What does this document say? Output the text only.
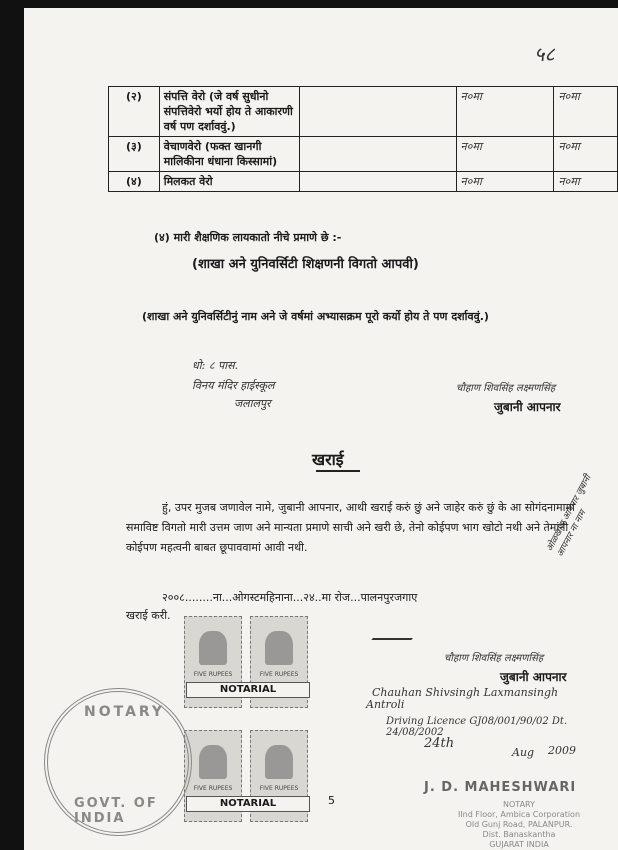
५८
(२)	संपत्ति वेरो (जे वर्ष सुधीनो संपत्तिवेरो भर्यो होय ते आकारणी वर्ष पण दर्शाववुं.)		न०मा	न०मा
(३)	वेचाणवेरो (फक्त खानगी मालिकीना धंधाना किस्सामां)		न०मा	न०मा
(४)	मिलकत वेरो		न०मा	न०मा
(४) मारी शैक्षणिक लायकातो नीचे प्रमाणे छे :-
(शाखा अने युनिवर्सिटी शिक्षणनी विगतो आपवी)
(शाखा अने युनिवर्सिटीनुं नाम अने जे वर्षमां अभ्यासक्रम पूरो कर्यो होय ते पण दर्शाववुं.)
धो: ८ पास.
विनय मंदिर हाईस्कूल
जलालपुर
चौहाण शिवसिंह लक्ष्मणसिंह
जुबानी आपनार
खराई
हुं, उपर मुजब जणावेल नामे, जुबानी आपनार, आथी खराई करुं छुं अने जाहेर करुं छुं के आ सोगंदनामामां समाविष्ट विगतो मारी उत्तम जाण अने मान्यता प्रमाणे साची अने खरी छे, तेनो कोईपण भाग खोटो नथी अने तेमांनी कोईपण महत्वनी बाबत छूपाववामां आवी नथी.
२००८........ना...ओगस्टमहिनाना...२४..मा रोज...पालनपुरजगाए
खराई करी.
ओळखाण आपनार जुबानी आपनार ना नाम
FIVE RUPEES	FIVE RUPEES
NOTARIAL
FIVE RUPEES	FIVE RUPEES
NOTARIAL
NOTARY
GOVT. OF INDIA
चौहाण शिवसिंह लक्ष्मणसिंह
जुबानी आपनार
Chauhan Shivsingh Laxmansingh
Antroli
Driving Licence GJ08/001/90/02 Dt. 24/08/2002
24th
Aug 2009
5
J. D. MAHESHWARI
NOTARY
IInd Floor, Ambica Corporation
Old Gunj Road, PALANPUR.
Dist. Banaskantha
GUJARAT INDIA
